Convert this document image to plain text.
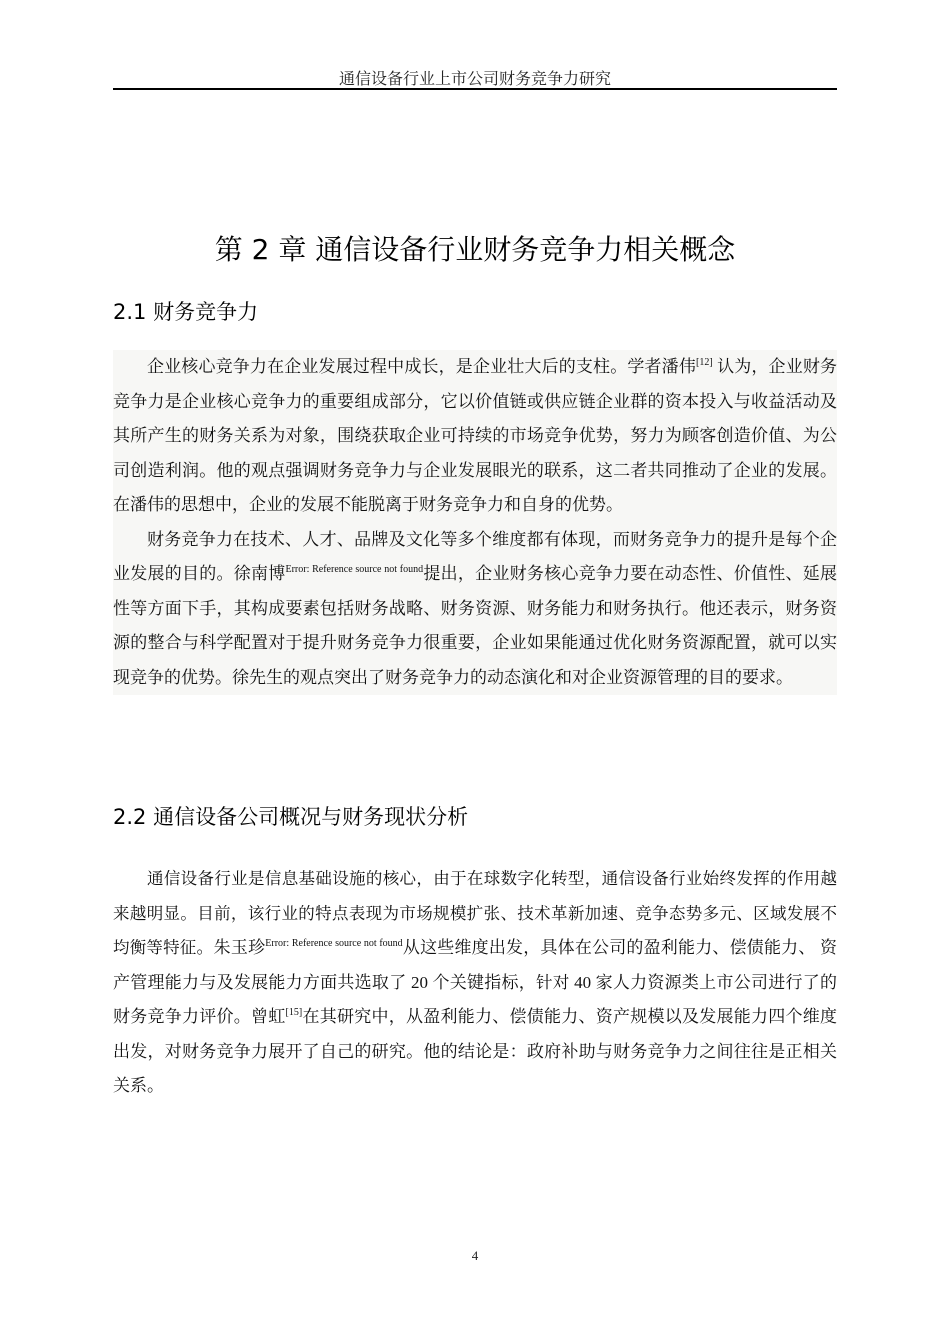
通信设备行业上市公司财务竞争力研究
第 2 章 通信设备行业财务竞争力相关概念
2.1 财务竞争力

企业核心竞争力在企业发展过程中成长，是企业壮大后的支柱。学者潘伟[12] 认为，企业财务竞争力是企业核心竞争力的重要组成部分，它以价值链或供应链企业群的资本投入与收益活动及其所产生的财务关系为对象，围绕获取企业可持续的市场竞争优势，努力为顾客创造价值、为公司创造利润。他的观点强调财务竞争力与企业发展眼光的联系，这二者共同推动了企业的发展。在潘伟的思想中，企业的发展不能脱离于财务竞争力和自身的优势。

财务竞争力在技术、人才、品牌及文化等多个维度都有体现，而财务竞争力的提升是每个企业发展的目的。徐南博$^{Error: Reference source not found}$提出，企业财务核心竞争力要在动态性、价值性、延展性等方面下手，其构成要素包括财务战略、财务资源、财务能力和财务执行。他还表示，财务资源的整合与科学配置对于提升财务竞争力很重要，企业如果能通过优化财务资源配置，就可以实现竞争的优势。徐先生的观点突出了财务竞争力的动态演化和对企业资源管理的目的要求。

2.2 通信设备公司概况与财务现状分析

通信设备行业是信息基础设施的核心，由于在球数字化转型，通信设备行业始终发挥的作用越来越明显。目前，该行业的特点表现为市场规模扩张、技术革新加速、竞争态势多元、区域发展不均衡等特征。朱玉珍$^{Error: Reference source not found}$从这些维度出发，具体在公司的盈利能力、偿债能力、 资产管理能力与及发展能力方面共选取了 20 个关键指标，针对 40 家人力资源类上市公司进行了的财务竞争力评价。曾虹[15]在其研究中，从盈利能力、偿债能力、资产规模以及发展能力四个维度出发，对财务竞争力展开了自己的研究。他的结论是：政府补助与财务竞争力之间往往是正相关关系。

4
